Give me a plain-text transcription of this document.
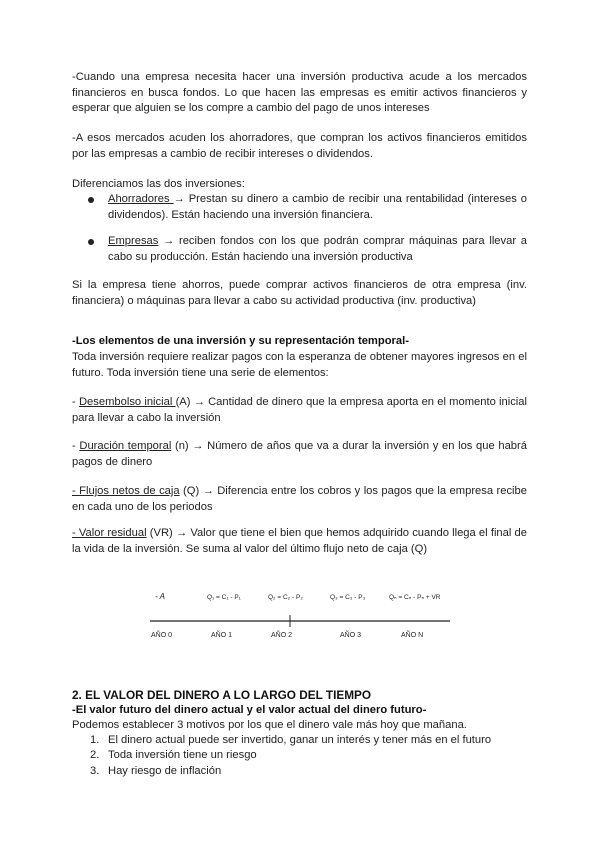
-Cuando una empresa necesita hacer una inversión productiva acude a los mercados financieros en busca fondos. Lo que hacen las empresas es emitir activos financieros y esperar que alguien se los compre a cambio del pago de unos intereses

-A esos mercados acuden los ahorradores, que compran los activos financieros emitidos por las empresas a cambio de recibir intereses o dividendos.

Diferenciamos las dos inversiones:

Ahorradores → Prestan su dinero a cambio de recibir una rentabilidad (intereses o dividendos). Están haciendo una inversión financiera.

Empresas → reciben fondos con los que podrán comprar máquinas para llevar a cabo su producción. Están haciendo una inversión productiva

Si la empresa tiene ahorros, puede comprar activos financieros de otra empresa (inv. financiera) o máquinas para llevar a cabo su actividad productiva (inv. productiva)

-Los elementos de una inversión y su representación temporal-

Toda inversión requiere realizar pagos con la esperanza de obtener mayores ingresos en el futuro. Toda inversión tiene una serie de elementos:

- Desembolso inicial (A) → Cantidad de dinero que la empresa aporta en el momento inicial para llevar a cabo la inversión

- Duración temporal (n) → Número de años que va a durar la inversión y en los que habrá pagos de dinero

- Flujos netos de caja (Q) → Diferencia entre los cobros y los pagos que la empresa recibe en cada uno de los periodos

- Valor residual (VR) → Valor que tiene el bien que hemos adquirido cuando llega el final de la vida de la inversión. Se suma al valor del último flujo neto de caja (Q)

- A	Q₁ = C₁ - P₁	Q₂ = C₂ - P₂	Q₃ = C₃ - P₃	Qₙ = Cₙ - Pₙ + VR
AÑO 0	AÑO 1	AÑO 2	AÑO 3	AÑO N

2. EL VALOR DEL DINERO A LO LARGO DEL TIEMPO

-El valor futuro del dinero actual y el valor actual del dinero futuro-

Podemos establecer 3 motivos por los que el dinero vale más hoy que mañana.

1. El dinero actual puede ser invertido, ganar un interés y tener más en el futuro
2. Toda inversión tiene un riesgo
3. Hay riesgo de inflación
